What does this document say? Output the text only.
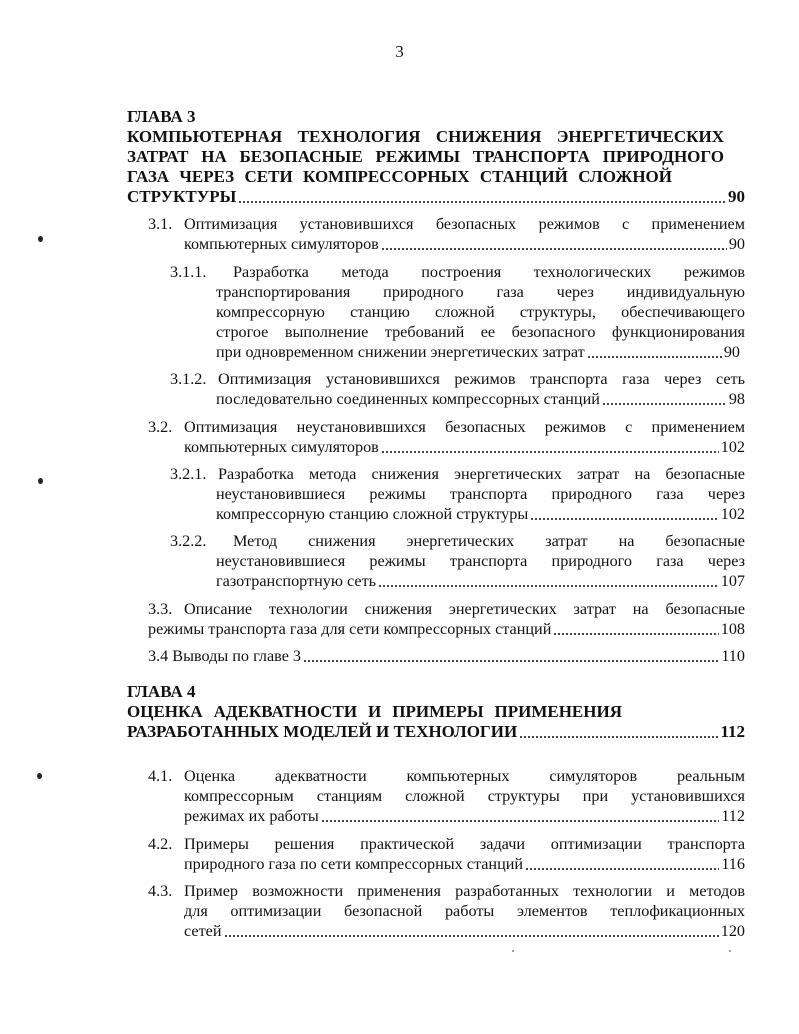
3
ГЛАВА 3
КОМПЬЮТЕРНАЯ ТЕХНОЛОГИЯ СНИЖЕНИЯ ЭНЕРГЕТИЧЕСКИХ
ЗАТРАТ НА БЕЗОПАСНЫЕ РЕЖИМЫ ТРАНСПОРТА ПРИРОДНОГО
ГАЗА ЧЕРЕЗ СЕТИ КОМПРЕССОРНЫХ СТАНЦИЙ СЛОЖНОЙ
СТРУКТУРЫ	90
3.1. Оптимизация установившихся безопасных режимов с применением
компьютерных симуляторов	90
3.1.1. Разработка метода построения технологических режимов
транспортирования природного газа через индивидуальную
компрессорную станцию сложной структуры, обеспечивающего
строгое выполнение требований ее безопасного функционирования
при одновременном снижении энергетических затрат	90
3.1.2. Оптимизация установившихся режимов транспорта газа через сеть
последовательно соединенных компрессорных станций	98
3.2. Оптимизация неустановившихся безопасных режимов с применением
компьютерных симуляторов	102
3.2.1. Разработка метода снижения энергетических затрат на безопасные
неустановившиеся режимы транспорта природного газа через
компрессорную станцию сложной структуры	102
3.2.2. Метод снижения энергетических затрат на безопасные
неустановившиеся режимы транспорта природного газа через
газотранспортную сеть	107
3.3. Описание технологии снижения энергетических затрат на безопасные
режимы транспорта газа для сети компрессорных станций	108
3.4 Выводы по главе 3	110
ГЛАВА 4
ОЦЕНКА АДЕКВАТНОСТИ И ПРИМЕРЫ ПРИМЕНЕНИЯ
РАЗРАБОТАННЫХ МОДЕЛЕЙ И ТЕХНОЛОГИИ	112
4.1. Оценка адекватности компьютерных симуляторов реальным
компрессорным станциям сложной структуры при установившихся
режимах их работы	112
4.2. Примеры решения практической задачи оптимизации транспорта
природного газа по сети компрессорных станций	116
4.3. Пример возможности применения разработанных технологии и методов
для оптимизации безопасной работы элементов теплофикационных
сетей	120
